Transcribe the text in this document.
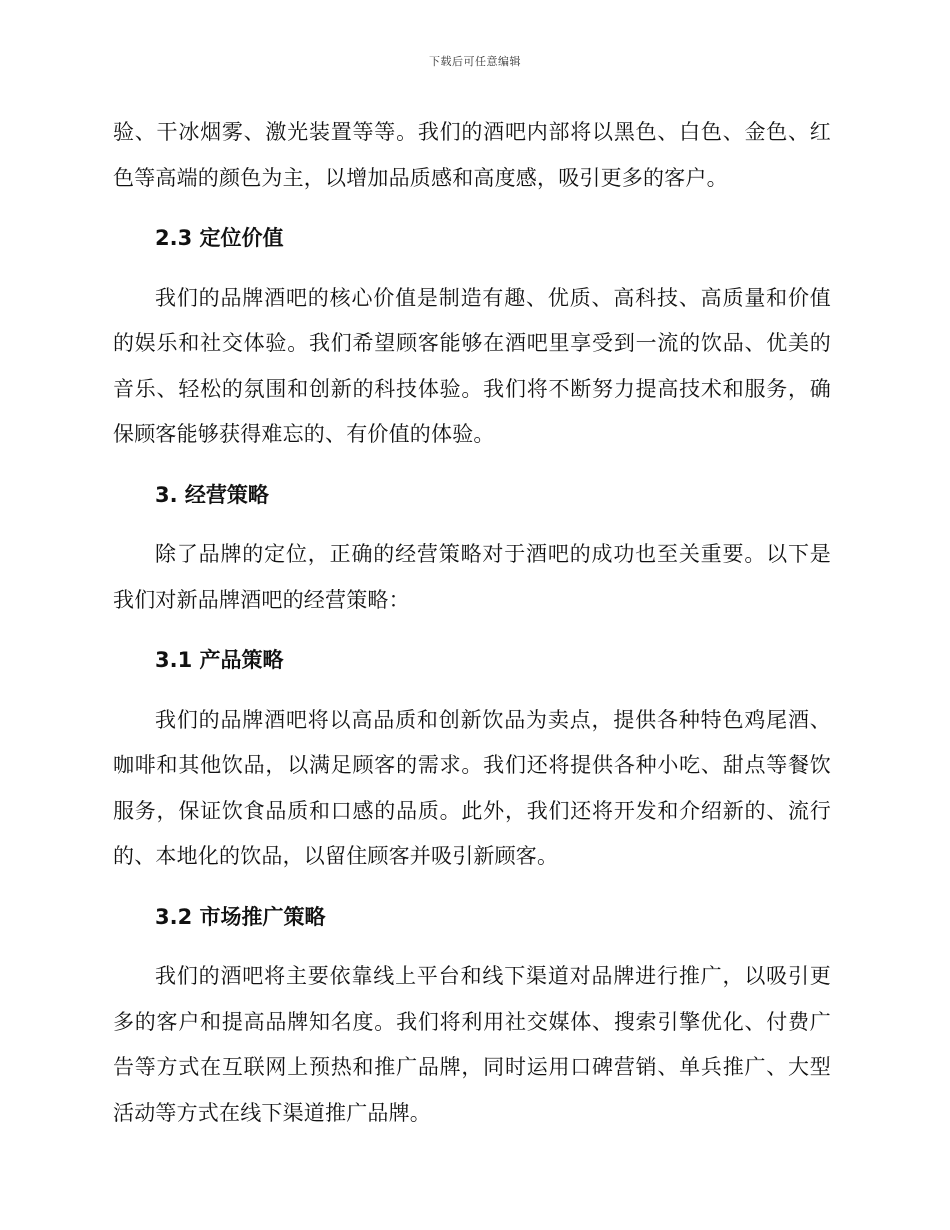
下载后可任意编辑

验、干冰烟雾、激光装置等等。我们的酒吧内部将以黑色、白色、金色、红色等高端的颜色为主，以增加品质感和高度感，吸引更多的客户。

2.3 定位价值

我们的品牌酒吧的核心价值是制造有趣、优质、高科技、高质量和价值的娱乐和社交体验。我们希望顾客能够在酒吧里享受到一流的饮品、优美的音乐、轻松的氛围和创新的科技体验。我们将不断努力提高技术和服务，确保顾客能够获得难忘的、有价值的体验。

3. 经营策略

除了品牌的定位，正确的经营策略对于酒吧的成功也至关重要。以下是我们对新品牌酒吧的经营策略：

3.1 产品策略

我们的品牌酒吧将以高品质和创新饮品为卖点，提供各种特色鸡尾酒、咖啡和其他饮品，以满足顾客的需求。我们还将提供各种小吃、甜点等餐饮服务，保证饮食品质和口感的品质。此外，我们还将开发和介绍新的、流行的、本地化的饮品，以留住顾客并吸引新顾客。

3.2 市场推广策略

我们的酒吧将主要依靠线上平台和线下渠道对品牌进行推广，以吸引更多的客户和提高品牌知名度。我们将利用社交媒体、搜索引擎优化、付费广告等方式在互联网上预热和推广品牌，同时运用口碑营销、单兵推广、大型活动等方式在线下渠道推广品牌。
